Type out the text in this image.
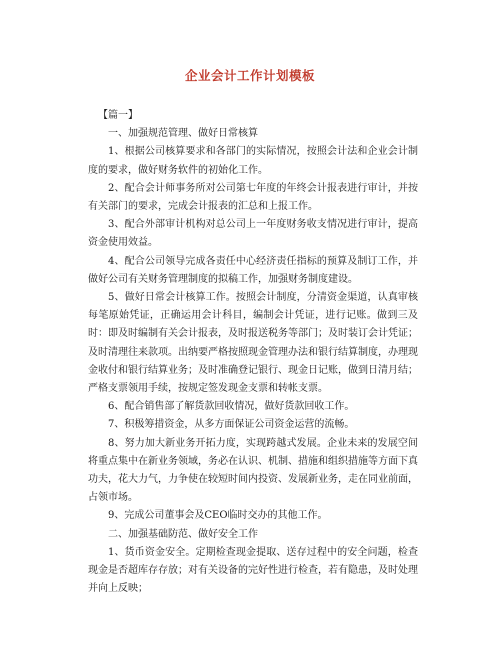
企业会计工作计划模板

【篇一】

一、加强规范管理、做好日常核算

1、根据公司核算要求和各部门的实际情况，按照会计法和企业会计制度的要求，做好财务软件的初始化工作。

2、配合会计师事务所对公司第七年度的年终会计报表进行审计，并按有关部门的要求，完成会计报表的汇总和上报工作。

3、配合外部审计机构对总公司上一年度财务收支情况进行审计，提高资金使用效益。

4、配合公司领导完成各责任中心经济责任指标的预算及制订工作，并做好公司有关财务管理制度的拟稿工作，加强财务制度建设。

5、做好日常会计核算工作。按照会计制度，分清资金渠道，认真审核每笔原始凭证，正确运用会计科目，编制会计凭证，进行记账。做到三及时：即及时编制有关会计报表，及时报送税务等部门；及时装订会计凭证；及时清理往来款项。出纳要严格按照现金管理办法和银行结算制度，办理现金收付和银行结算业务；及时准确登记银行、现金日记账，做到日清月结；严格支票领用手续，按规定签发现金支票和转帐支票。

6、配合销售部了解货款回收情况，做好货款回收工作。

7、积极筹措资金，从多方面保证公司资金运营的流畅。

8、努力加大新业务开拓力度，实现跨越式发展。企业未来的发展空间将重点集中在新业务领域，务必在认识、机制、措施和组织措施等方面下真功夫，花大力气，力争使在较短时间内投资、发展新业务，走在同业前面，占领市场。

9、完成公司董事会及CEO临时交办的其他工作。

二、加强基础防范、做好安全工作

1、货币资金安全。定期检查现金提取、送存过程中的安全问题，检查现金是否超库存存放；对有关设备的完好性进行检查，若有隐患，及时处理并向上反映；
